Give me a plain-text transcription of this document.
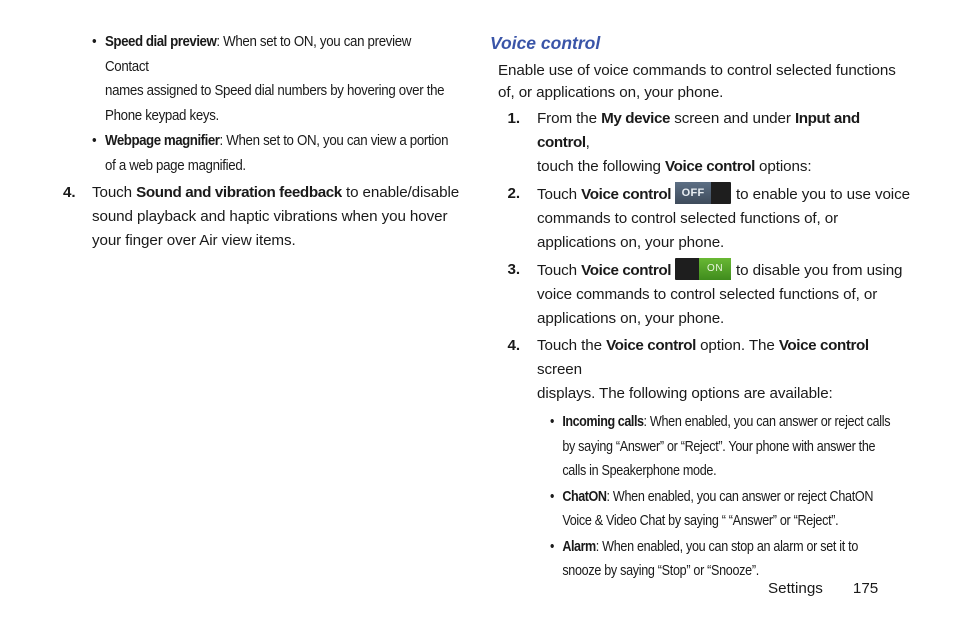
• Speed dial preview: When set to ON, you can preview Contact
names assigned to Speed dial numbers by hovering over the
Phone keypad keys.
• Webpage magnifier: When set to ON, you can view a portion
of a web page magnified.
4. Touch Sound and vibration feedback to enable/disable
sound playback and haptic vibrations when you hover
your finger over Air view items.
Voice control
Enable use of voice commands to control selected functions
of, or applications on, your phone.
1. From the My device screen and under Input and control,
touch the following Voice control options:
2. Touch Voice control OFF	to enable you to use voice
commands to control selected functions of, or
applications on, your phone.
3. Touch Voice control	ON to disable you from using
voice commands to control selected functions of, or
applications on, your phone.
4. Touch the Voice control option. The Voice control screen
displays. The following options are available:
• Incoming calls: When enabled, you can answer or reject calls
by saying “Answer” or “Reject”. Your phone with answer the
calls in Speakerphone mode.
• ChatON: When enabled, you can answer or reject ChatON
Voice & Video Chat by saying “ “Answer” or “Reject”.
• Alarm: When enabled, you can stop an alarm or set it to
snooze by saying “Stop” or “Snooze”.
Settings 175
